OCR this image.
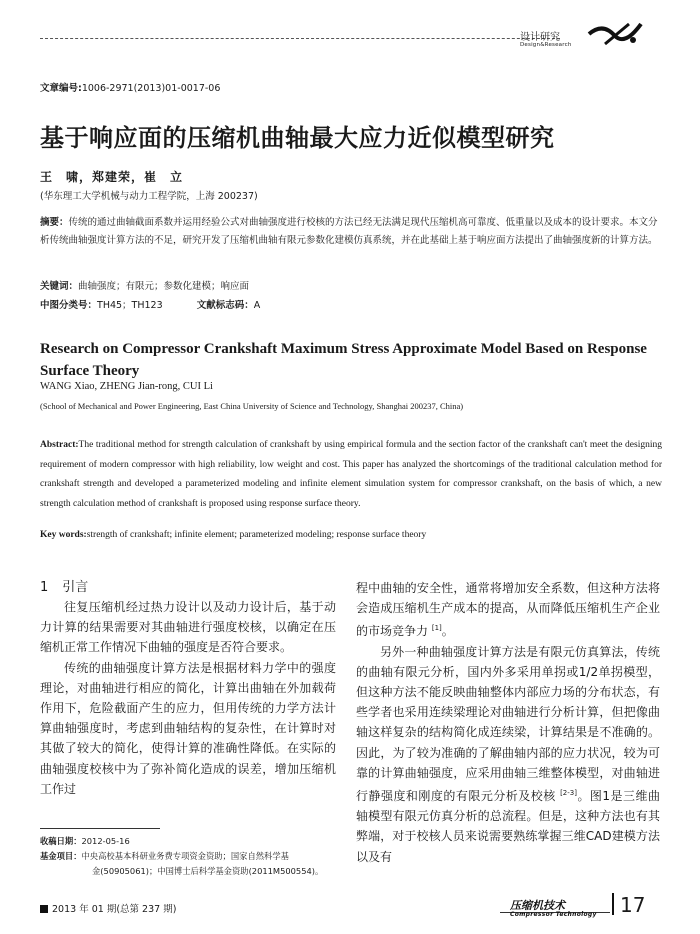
设计研究
Design&Research
文章编号:1006-2971(2013)01-0017-06
基于响应面的压缩机曲轴最大应力近似模型研究
王　啸，郑建荣，崔　立
(华东理工大学机械与动力工程学院，上海 200237)
摘要：传统的通过曲轴截面系数并运用经验公式对曲轴强度进行校核的方法已经无法满足现代压缩机高可靠度、低重量以及成本的设计要求。本文分析传统曲轴强度计算方法的不足，研究开发了压缩机曲轴有限元参数化建模仿真系统，并在此基础上基于响应面方法提出了曲轴强度新的计算方法。
关键词：曲轴强度；有限元；参数化建模；响应面
中图分类号：TH45；TH123	文献标志码：A
Research on Compressor Crankshaft Maximum Stress Approximate Model Based on Response Surface Theory
WANG Xiao, ZHENG Jian-rong, CUI Li
(School of Mechanical and Power Engineering, East China University of Science and Technology, Shanghai 200237, China)
Abstract:The traditional method for strength calculation of crankshaft by using empirical formula and the section factor of the crankshaft can't meet the designing requirement of modern compressor with high reliability, low weight and cost. This paper has analyzed the shortcomings of the traditional calculation method for crankshaft strength and developed a parameterized modeling and infinite element simulation system for compressor crankshaft, on the basis of which, a new strength calculation method of crankshaft is proposed using response surface theory.
Key words:strength of crankshaft; infinite element; parameterized modeling; response surface theory
1 引言

往复压缩机经过热力设计以及动力设计后，基于动力计算的结果需要对其曲轴进行强度校核，以确定在压缩机正常工作情况下曲轴的强度是否符合要求。

传统的曲轴强度计算方法是根据材料力学中的强度理论，对曲轴进行相应的简化，计算出曲轴在外加载荷作用下，危险截面产生的应力，但用传统的力学方法计算曲轴强度时，考虑到曲轴结构的复杂性，在计算时对其做了较大的简化，使得计算的准确性降低。在实际的曲轴强度校核中为了弥补简化造成的误差，增加压缩机工作过

程中曲轴的安全性，通常将增加安全系数，但这种方法将会造成压缩机生产成本的提高，从而降低压缩机生产企业的市场竞争力 [1]。

另外一种曲轴强度计算方法是有限元仿真算法，传统的曲轴有限元分析，国内外多采用单拐或1/2单拐模型，但这种方法不能反映曲轴整体内部应力场的分布状态，有些学者也采用连续梁理论对曲轴进行分析计算，但把像曲轴这样复杂的结构简化成连续梁，计算结果是不准确的。因此，为了较为准确的了解曲轴内部的应力状况，较为可靠的计算曲轴强度，应采用曲轴三维整体模型，对曲轴进行静强度和刚度的有限元分析及校核 [2-3]。图1是三维曲轴模型有限元仿真分析的总流程。但是，这种方法也有其弊端，对于校核人员来说需要熟练掌握三维CAD建模方法以及有

收稿日期：2012-05-16
基金项目：中央高校基本科研业务费专项资金资助；国家自然科学基
金(50905061)；中国博士后科学基金资助(2011M500554)。
2013 年 01 期(总第 237 期)	压缩机技术
Compressor Technology 17
